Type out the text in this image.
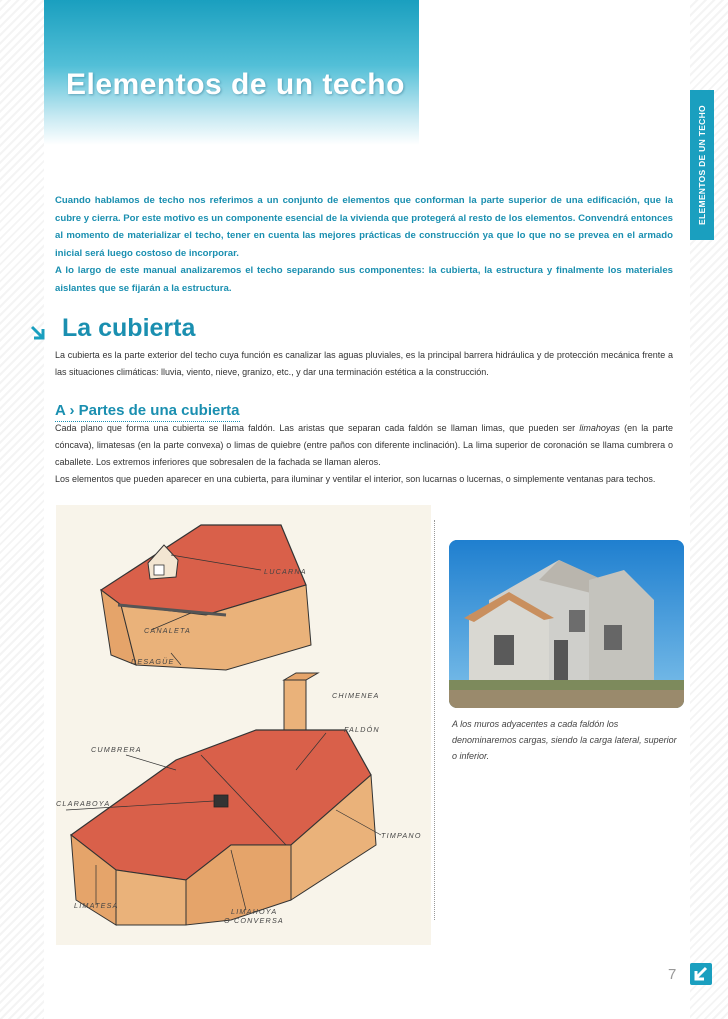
Elementos de un techo
ELEMENTOS DE UN TECHO

Cuando hablamos de techo nos referimos a un conjunto de elementos que conforman la parte superior de una edificación, que la cubre y cierra. Por este motivo es un componente esencial de la vivienda que protegerá al resto de los elementos. Convendrá entonces al momento de materializar el techo, tener en cuenta las mejores prácticas de construcción ya que lo que no se prevea en el armado inicial será luego costoso de incorporar.

A lo largo de este manual analizaremos el techo separando sus componentes: la cubierta, la estructura y finalmente los materiales aislantes que se fijarán a la estructura.

La cubierta
La cubierta es la parte exterior del techo cuya función es canalizar las aguas pluviales, es la principal barrera hidráulica y de protección mecánica frente a las situaciones climáticas: lluvia, viento, nieve, granizo, etc., y dar una terminación estética a la construcción.
A › Partes de una cubierta

Cada plano que forma una cubierta se llama faldón. Las aristas que separan cada faldón se llaman limas, que pueden ser limahoyas (en la parte cóncava), limatesas (en la parte convexa) o limas de quiebre (entre paños con diferente inclinación). La lima superior de coronación se llama cumbrera o caballete. Los extremos inferiores que sobresalen de la fachada se llaman aleros.

Los elementos que pueden aparecer en una cubierta, para iluminar y ventilar el interior, son lucarnas o lucernas, o simplemente ventanas para techos.

LUCARNA
CANALETA
DESAGÜE
CHIMENEA
FALDÓN
CUMBRERA
CLARABOYA
TIMPANO
LIMATESA
LIMAHOYA
O CONVERSA
A los muros adyacentes a cada faldón los denominaremos cargas, siendo la carga lateral, superior o inferior.
7
